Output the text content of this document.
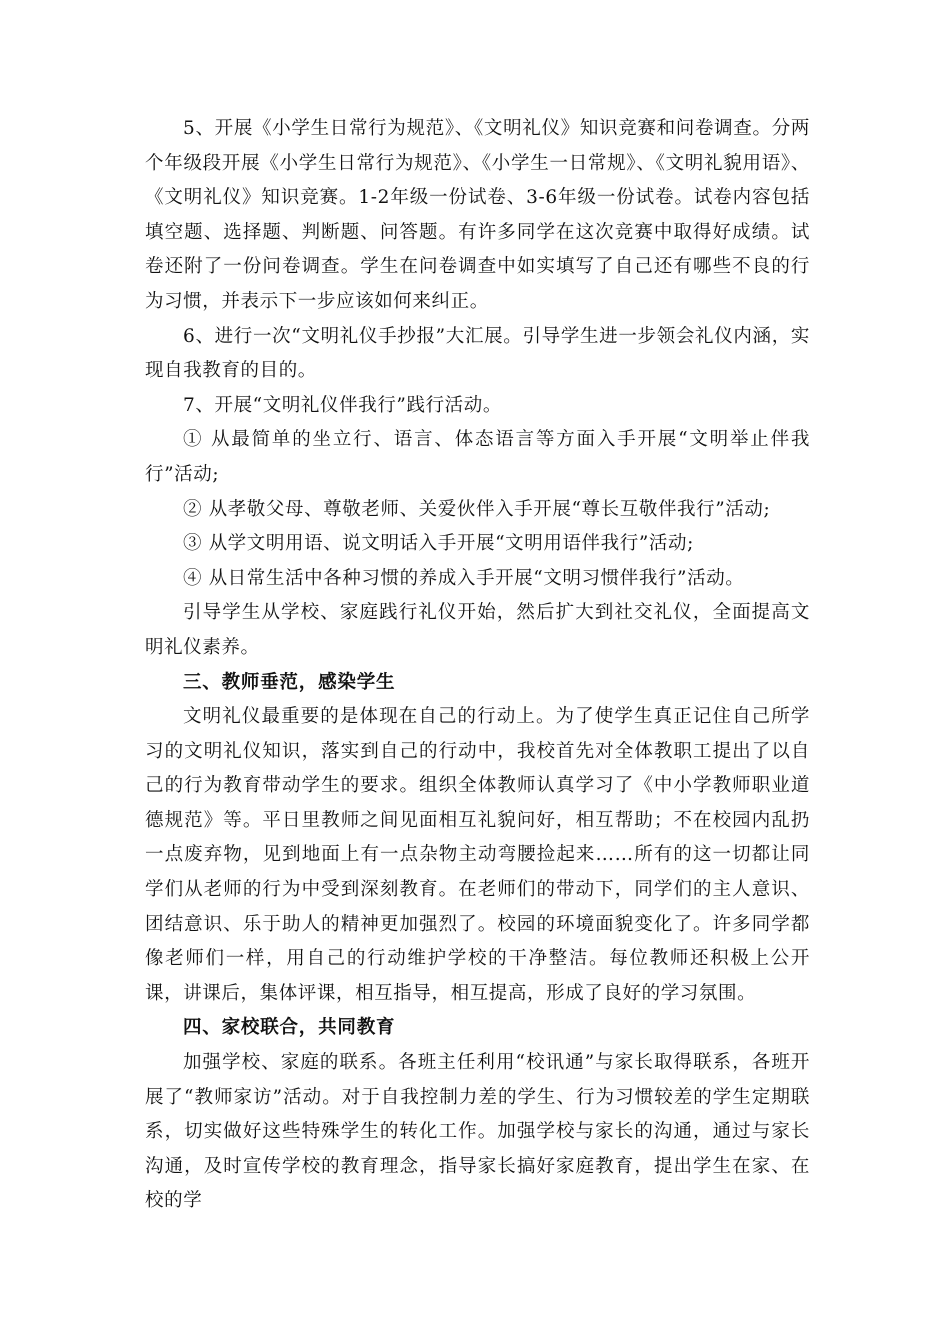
5、开展《小学生日常行为规范》、《文明礼仪》知识竞赛和问卷调查。分两个年级段开展《小学生日常行为规范》、《小学生一日常规》、《文明礼貌用语》、《文明礼仪》知识竞赛。1-2年级一份试卷、3-6年级一份试卷。试卷内容包括填空题、选择题、判断题、问答题。有许多同学在这次竞赛中取得好成绩。试卷还附了一份问卷调查。学生在问卷调查中如实填写了自己还有哪些不良的行为习惯，并表示下一步应该如何来纠正。

6、进行一次“文明礼仪手抄报”大汇展。引导学生进一步领会礼仪内涵，实现自我教育的目的。

7、开展“文明礼仪伴我行”践行活动。

① 从最简单的坐立行、语言、体态语言等方面入手开展“文明举止伴我行”活动;

② 从孝敬父母、尊敬老师、关爱伙伴入手开展“尊长互敬伴我行”活动;

③ 从学文明用语、说文明话入手开展“文明用语伴我行”活动;

④ 从日常生活中各种习惯的养成入手开展“文明习惯伴我行”活动。

引导学生从学校、家庭践行礼仪开始，然后扩大到社交礼仪，全面提高文明礼仪素养。

三、教师垂范，感染学生

文明礼仪最重要的是体现在自己的行动上。为了使学生真正记住自己所学习的文明礼仪知识，落实到自己的行动中，我校首先对全体教职工提出了以自己的行为教育带动学生的要求。组织全体教师认真学习了《中小学教师职业道德规范》等。平日里教师之间见面相互礼貌问好，相互帮助；不在校园内乱扔一点废弃物，见到地面上有一点杂物主动弯腰捡起来……所有的这一切都让同学们从老师的行为中受到深刻教育。在老师们的带动下，同学们的主人意识、团结意识、乐于助人的精神更加强烈了。校园的环境面貌变化了。许多同学都像老师们一样，用自己的行动维护学校的干净整洁。每位教师还积极上公开课，讲课后，集体评课，相互指导，相互提高，形成了良好的学习氛围。

四、家校联合，共同教育

加强学校、家庭的联系。各班主任利用“校讯通”与家长取得联系，各班开展了“教师家访”活动。对于自我控制力差的学生、行为习惯较差的学生定期联系，切实做好这些特殊学生的转化工作。加强学校与家长的沟通，通过与家长沟通，及时宣传学校的教育理念，指导家长搞好家庭教育，提出学生在家、在校的学
